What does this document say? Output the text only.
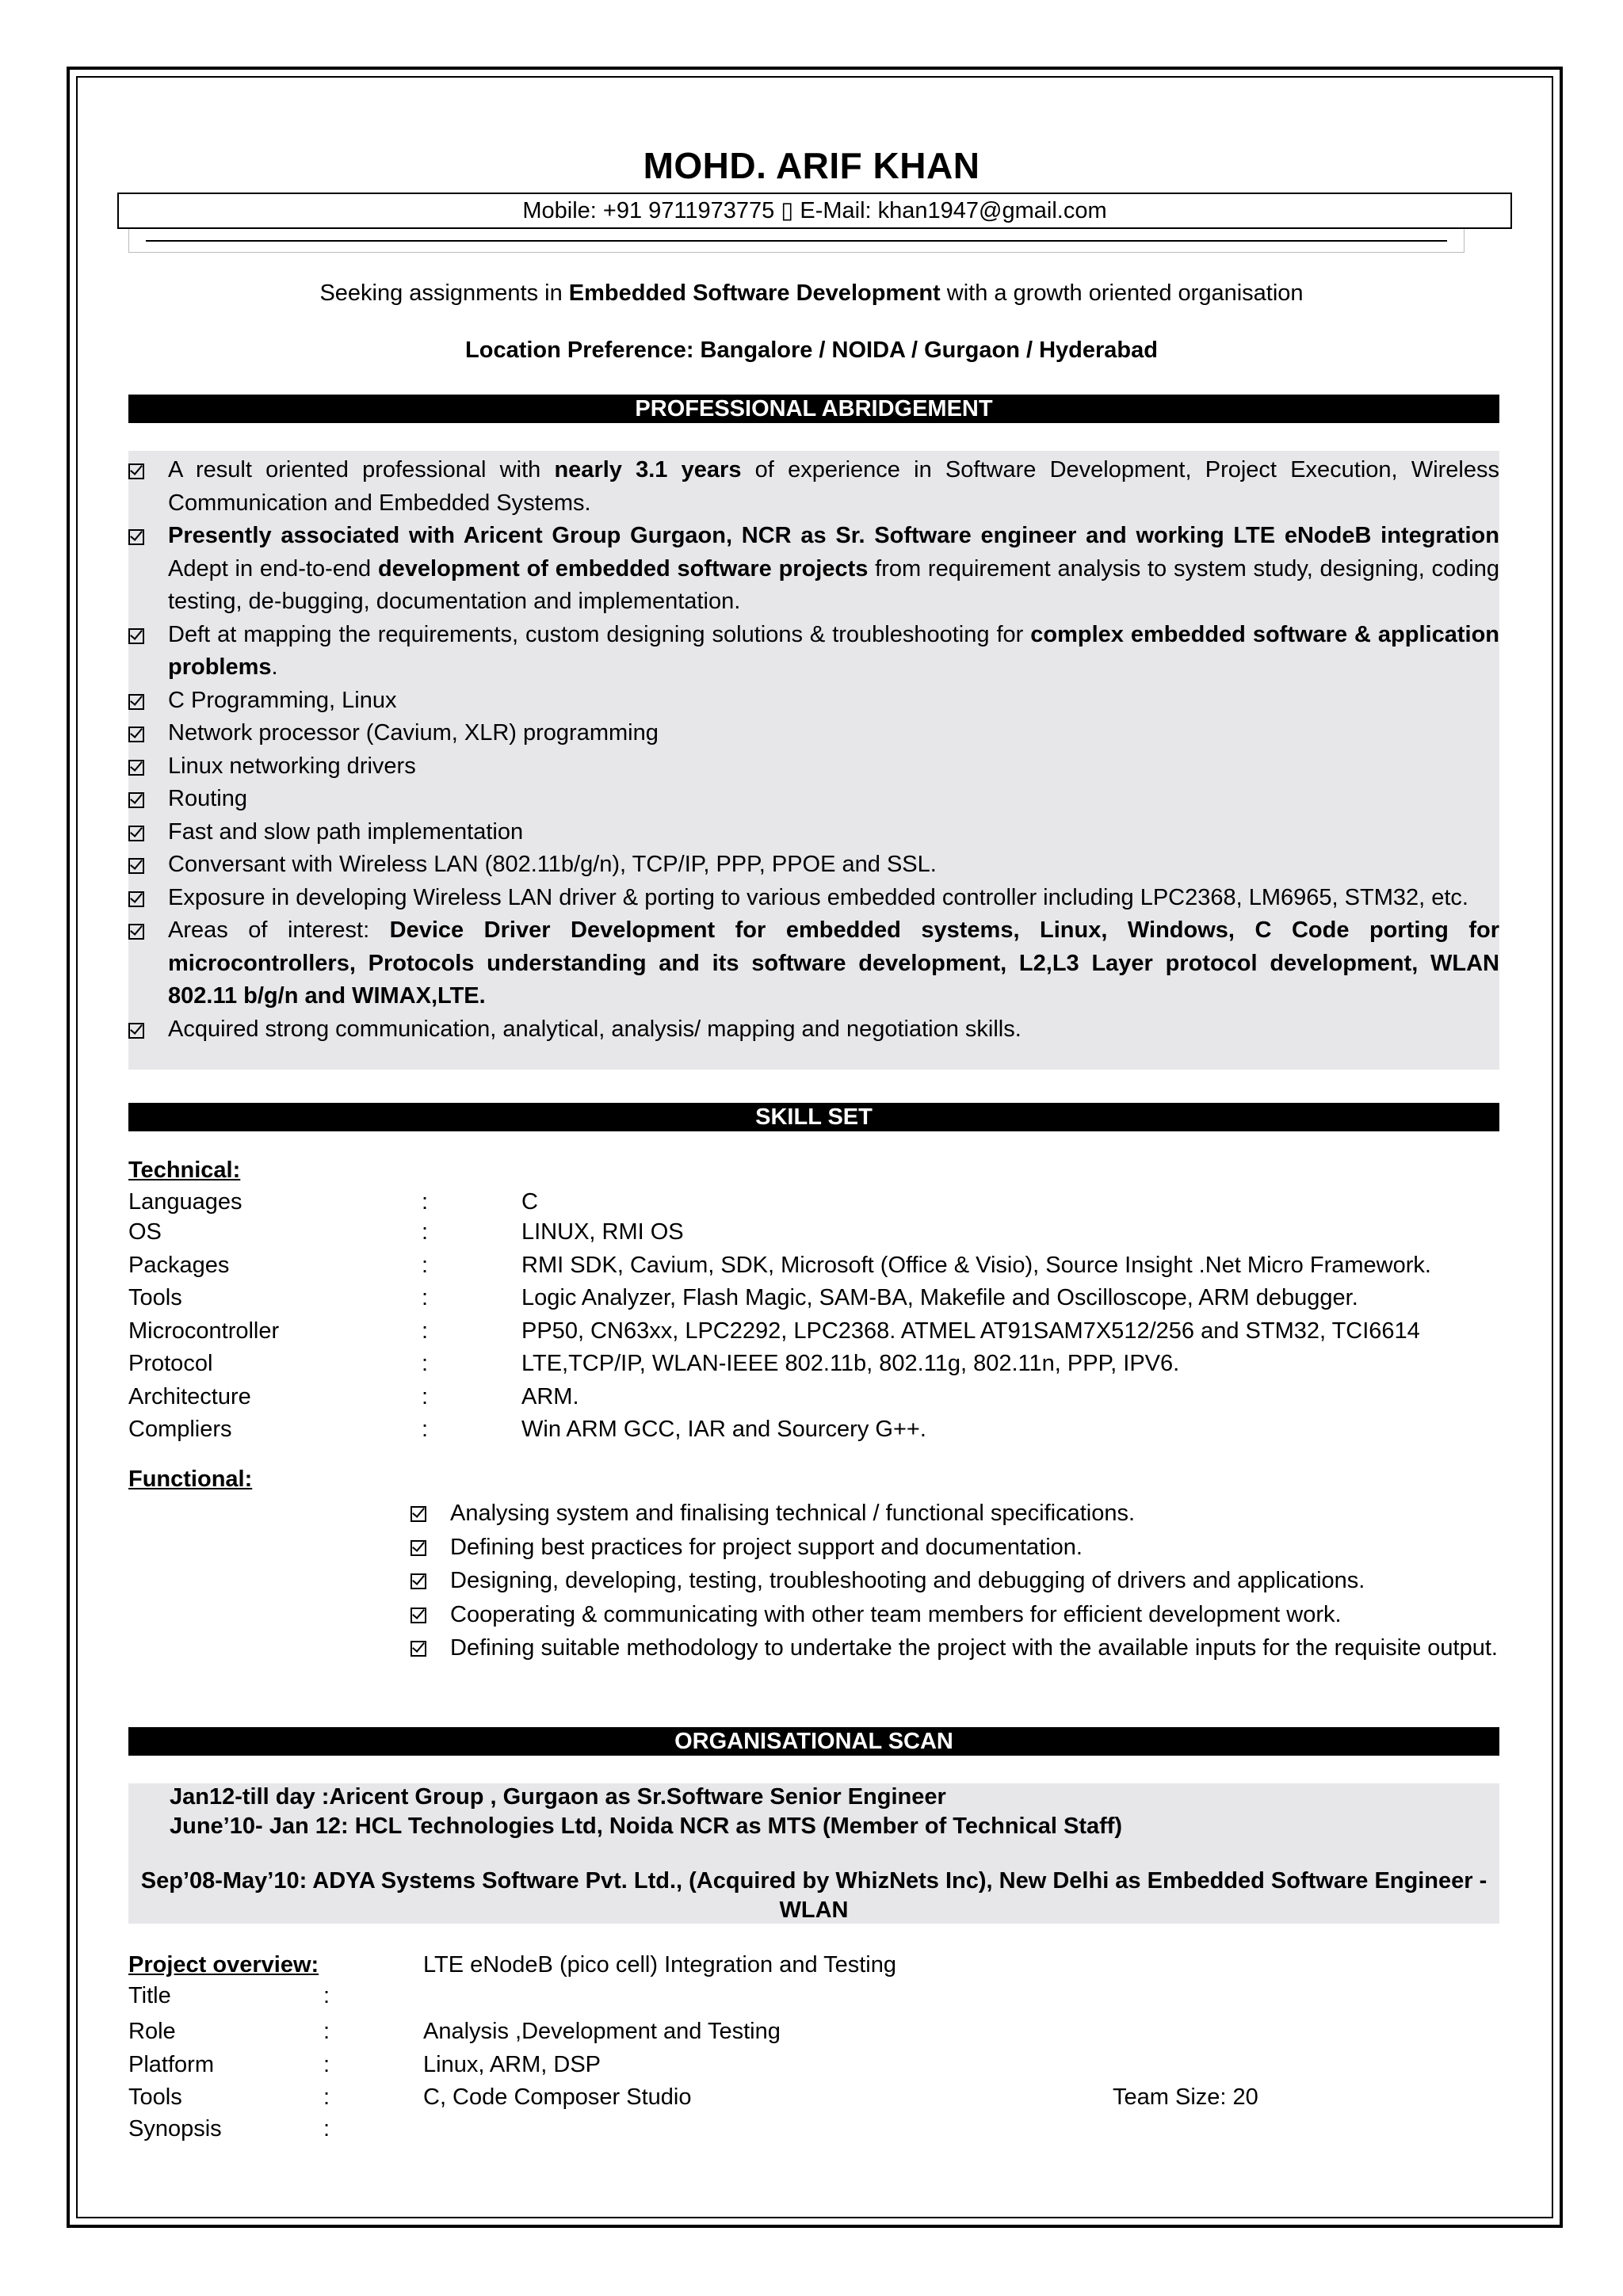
MOHD. ARIF KHAN
Mobile: +91 9711973775 ▯ E-Mail: khan1947@gmail.com
Seeking assignments in Embedded Software Development with a growth oriented organisation
Location Preference: Bangalore / NOIDA / Gurgaon / Hyderabad
PROFESSIONAL ABRIDGEMENT
A result oriented professional with nearly 3.1 years of experience in Software Development, Project Execution, Wireless Communication and Embedded Systems.
Presently associated with Aricent Group Gurgaon, NCR as Sr. Software engineer and working LTE eNodeB integration Adept in end-to-end development of embedded software projects from requirement analysis to system study, designing, coding testing, de-bugging, documentation and implementation.
Deft at mapping the requirements, custom designing solutions & troubleshooting for complex embedded software & application problems.
C Programming, Linux
Network processor (Cavium, XLR) programming
Linux networking drivers
Routing
Fast and slow path implementation
Conversant with Wireless LAN (802.11b/g/n), TCP/IP, PPP, PPOE and SSL.
Exposure in developing Wireless LAN driver & porting to various embedded controller including LPC2368, LM6965, STM32, etc.
Areas of interest: Device Driver Development for embedded systems, Linux, Windows, C Code porting for microcontrollers, Protocols understanding and its software development, L2,L3 Layer protocol development, WLAN 802.11 b/g/n and WIMAX,LTE.
Acquired strong communication, analytical, analysis/ mapping and negotiation skills.
SKILL SET
Technical:
Languages	:	C
OS	:	LINUX, RMI OS
Packages	:	RMI SDK, Cavium, SDK, Microsoft (Office & Visio), Source Insight .Net Micro Framework.
Tools	:	Logic Analyzer, Flash Magic, SAM-BA, Makefile and Oscilloscope, ARM debugger.
Microcontroller	:	PP50, CN63xx, LPC2292, LPC2368. ATMEL AT91SAM7X512/256 and STM32, TCI6614
Protocol	:	LTE,TCP/IP, WLAN-IEEE 802.11b, 802.11g, 802.11n, PPP, IPV6.
Architecture	:	ARM.
Compliers	:	Win ARM GCC, IAR and Sourcery G++.
Functional:
Analysing system and finalising technical / functional specifications.
Defining best practices for project support and documentation.
Designing, developing, testing, troubleshooting and debugging of drivers and applications.
Cooperating & communicating with other team members for efficient development work.
Defining suitable methodology to undertake the project with the available inputs for the requisite output.
ORGANISATIONAL SCAN
Jan12-till day :Aricent Group , Gurgaon as Sr.Software Senior Engineer
June’10- Jan 12: HCL Technologies Ltd, Noida NCR as MTS (Member of Technical Staff)
Sep’08-May’10: ADYA Systems Software Pvt. Ltd., (Acquired by WhizNets Inc), New Delhi as Embedded Software Engineer - WLAN
Project overview:	LTE eNodeB (pico cell) Integration and Testing
Title	:
Role	:	Analysis ,Development and Testing
Platform	:	Linux, ARM, DSP
Tools	:	C, Code Composer Studio	Team Size: 20
Synopsis	:
